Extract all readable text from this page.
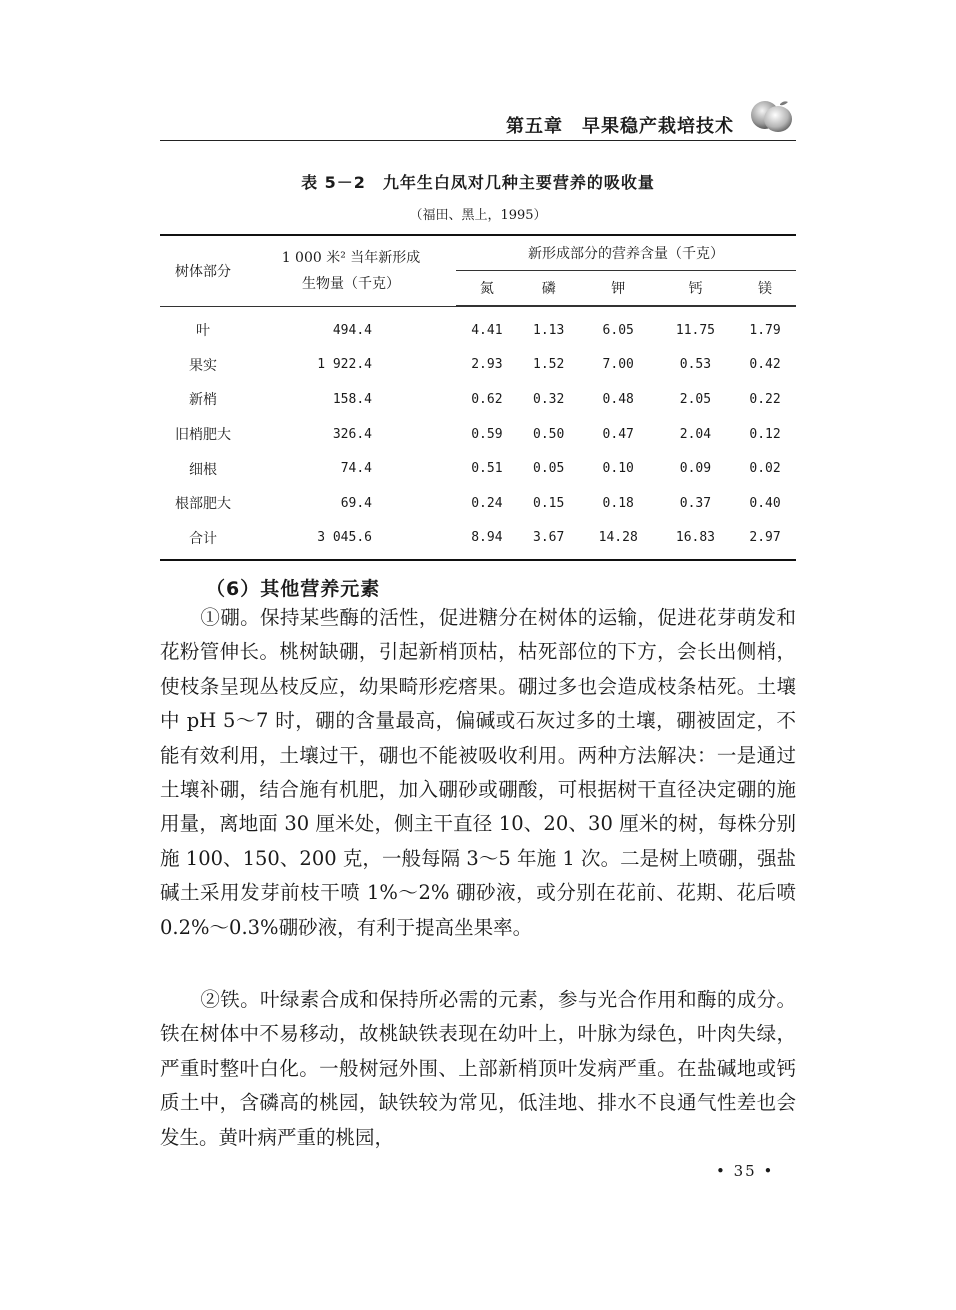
第五章　早果稳产栽培技术
表 5－2　九年生白凤对几种主要营养的吸收量
（福田、黑上，1995）
树体部分	1 000 米² 当年新形成
生物量（千克）	新形成部分的营养含量（千克）				
		氮	磷	钾	钙	镁

叶	494.4	4.41	1.13	6.05	11.75	1.79
果实	1 922.4	2.93	1.52	7.00	0.53	0.42
新梢	158.4	0.62	0.32	0.48	2.05	0.22
旧梢肥大	326.4	0.59	0.50	0.47	2.04	0.12
细根	74.4	0.51	0.05	0.10	0.09	0.02
根部肥大	69.4	0.24	0.15	0.18	0.37	0.40
合计	3 045.6	8.94	3.67	14.28	16.83	2.97
（6）其他营养元素
①硼。保持某些酶的活性，促进糖分在树体的运输，促进花芽萌发和花粉管伸长。桃树缺硼，引起新梢顶枯，枯死部位的下方，会长出侧梢，使枝条呈现丛枝反应，幼果畸形疙瘩果。硼过多也会造成枝条枯死。土壤中 pH 5～7 时，硼的含量最高，偏碱或石灰过多的土壤，硼被固定，不能有效利用，土壤过干，硼也不能被吸收利用。两种方法解决：一是通过土壤补硼，结合施有机肥，加入硼砂或硼酸，可根据树干直径决定硼的施用量，离地面 30 厘米处，侧主干直径 10、20、30 厘米的树，每株分别施 100、150、200 克，一般每隔 3～5 年施 1 次。二是树上喷硼，强盐碱土采用发芽前枝干喷 1%～2% 硼砂液，或分别在花前、花期、花后喷 0.2%～0.3%硼砂液，有利于提高坐果率。
②铁。叶绿素合成和保持所必需的元素，参与光合作用和酶的成分。铁在树体中不易移动，故桃缺铁表现在幼叶上，叶脉为绿色，叶肉失绿，严重时整叶白化。一般树冠外围、上部新梢顶叶发病严重。在盐碱地或钙质土中，含磷高的桃园，缺铁较为常见，低洼地、排水不良通气性差也会发生。黄叶病严重的桃园，
• 35 •
